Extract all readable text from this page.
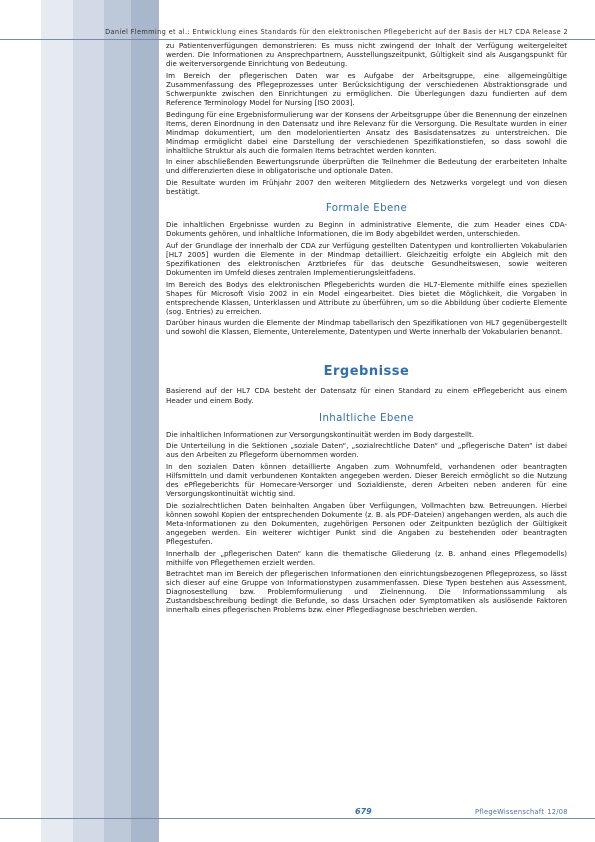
Daniel Flemming et al.: Entwicklung eines Standards für den elektronischen Pflegebericht auf der Basis der HL7 CDA Release 2

zu Patientenverfügungen demonstrieren: Es muss nicht zwingend der Inhalt der Verfügung weitergeleitet werden. Die Informationen zu Ansprechpartnern, Ausstellungszeitpunkt, Gültigkeit sind als Ausgangspunkt für die weiterversorgende Einrichtung von Bedeutung.

Im Bereich der pflegerischen Daten war es Aufgabe der Arbeitsgruppe, eine allgemeingültige Zusammenfassung des Pflegeprozesses unter Berücksichtigung der verschiedenen Abstraktionsgrade und Schwerpunkte zwischen den Einrichtungen zu ermöglichen. Die Überlegungen dazu fundierten auf dem Reference Terminology Model for Nursing [ISO 2003].

Bedingung für eine Ergebnisformulierung war der Konsens der Arbeitsgruppe über die Benennung der einzelnen Items, deren Einordnung in den Datensatz und ihre Relevanz für die Versorgung. Die Resultate wurden in einer Mindmap dokumentiert, um den modelorientierten Ansatz des Basisdatensatzes zu unterstreichen. Die Mindmap ermöglicht dabei eine Darstellung der verschiedenen Spezifikationstiefen, so dass sowohl die inhaltliche Struktur als auch die formalen Items betrachtet werden konnten.

In einer abschließenden Bewertungsrunde überprüften die Teilnehmer die Bedeutung der erarbeiteten Inhalte und differenzierten diese in obligatorische und optionale Daten.

Die Resultate wurden im Frühjahr 2007 den weiteren Mitgliedern des Netzwerks vorgelegt und von diesen bestätigt.

Formale Ebene

Die inhaltlichen Ergebnisse wurden zu Beginn in administrative Elemente, die zum Header eines CDA-Dokuments gehören, und inhaltliche Informationen, die im Body abgebildet werden, unterschieden.

Auf der Grundlage der innerhalb der CDA zur Verfügung gestellten Datentypen und kontrollierten Vokabularien [HL7 2005] wurden die Elemente in der Mindmap detailliert. Gleichzeitig erfolgte ein Abgleich mit den Spezifikationen des elektronischen Arztbriefes für das deutsche Gesundheitswesen, sowie weiteren Dokumenten im Umfeld dieses zentralen Implementierungsleitfadens.

Im Bereich des Bodys des elektronischen Pflegeberichts wurden die HL7-Elemente mithilfe eines speziellen Shapes für Microsoft Visio 2002 in ein Model eingearbeitet. Dies bietet die Möglichkeit, die Vorgaben in entsprechende Klassen, Unterklassen und Attribute zu überführen, um so die Abbildung über codierte Elemente (sog. Entries) zu erreichen.

Darüber hinaus wurden die Elemente der Mindmap tabellarisch den Spezifikationen von HL7 gegenübergestellt und sowohl die Klassen, Elemente, Unterelemente, Datentypen und Werte innerhalb der Vokabularien benannt.

Ergebnisse

Basierend auf der HL7 CDA besteht der Datensatz für einen Standard zu einem ePflegebericht aus einem Header und einem Body.

Inhaltliche Ebene

Die inhaltlichen Informationen zur Versorgungskontinuität werden im Body dargestellt.

Die Unterteilung in die Sektionen „soziale Daten“, „sozialrechtliche Daten“ und „pflegerische Daten“ ist dabei aus den Arbeiten zu Pflegeform übernommen worden.

In den sozialen Daten können detaillierte Angaben zum Wohnumfeld, vorhandenen oder beantragten Hilfsmitteln und damit verbundenen Kontakten angegeben werden. Dieser Bereich ermöglicht so die Nutzung des ePflegeberichts für Homecare-Versorger und Sozialdienste, deren Arbeiten neben anderen für eine Versorgungskontinuität wichtig sind.

Die sozialrechtlichen Daten beinhalten Angaben über Verfügungen, Vollmachten bzw. Betreuungen. Hierbei können sowohl Kopien der entsprechenden Dokumente (z. B. als PDF-Dateien) angehangen werden, als auch die Meta-Informationen zu den Dokumenten, zugehörigen Personen oder Zeitpunkten bezüglich der Gültigkeit angegeben werden. Ein weiterer wichtiger Punkt sind die Angaben zu bestehenden oder beantragten Pflegestufen.

Innerhalb der „pflegerischen Daten“ kann die thematische Gliederung (z. B. anhand eines Pflegemodells) mithilfe von Pflegethemen erzielt werden.

Betrachtet man im Bereich der pflegerischen Informationen den einrichtungsbezogenen Pflegeprozess, so lässt sich dieser auf eine Gruppe von Informationstypen zusammenfassen. Diese Typen bestehen aus Assessment, Diagnosestellung bzw. Problemformulierung und Zielnennung. Die Informationssammlung als Zustandsbeschreibung bedingt die Befunde, so dass Ursachen oder Symptomatiken als auslösende Faktoren innerhalb eines pflegerischen Problems bzw. einer Pflegediagnose beschrieben werden.

679	PflegeWissenschaft 12/08
